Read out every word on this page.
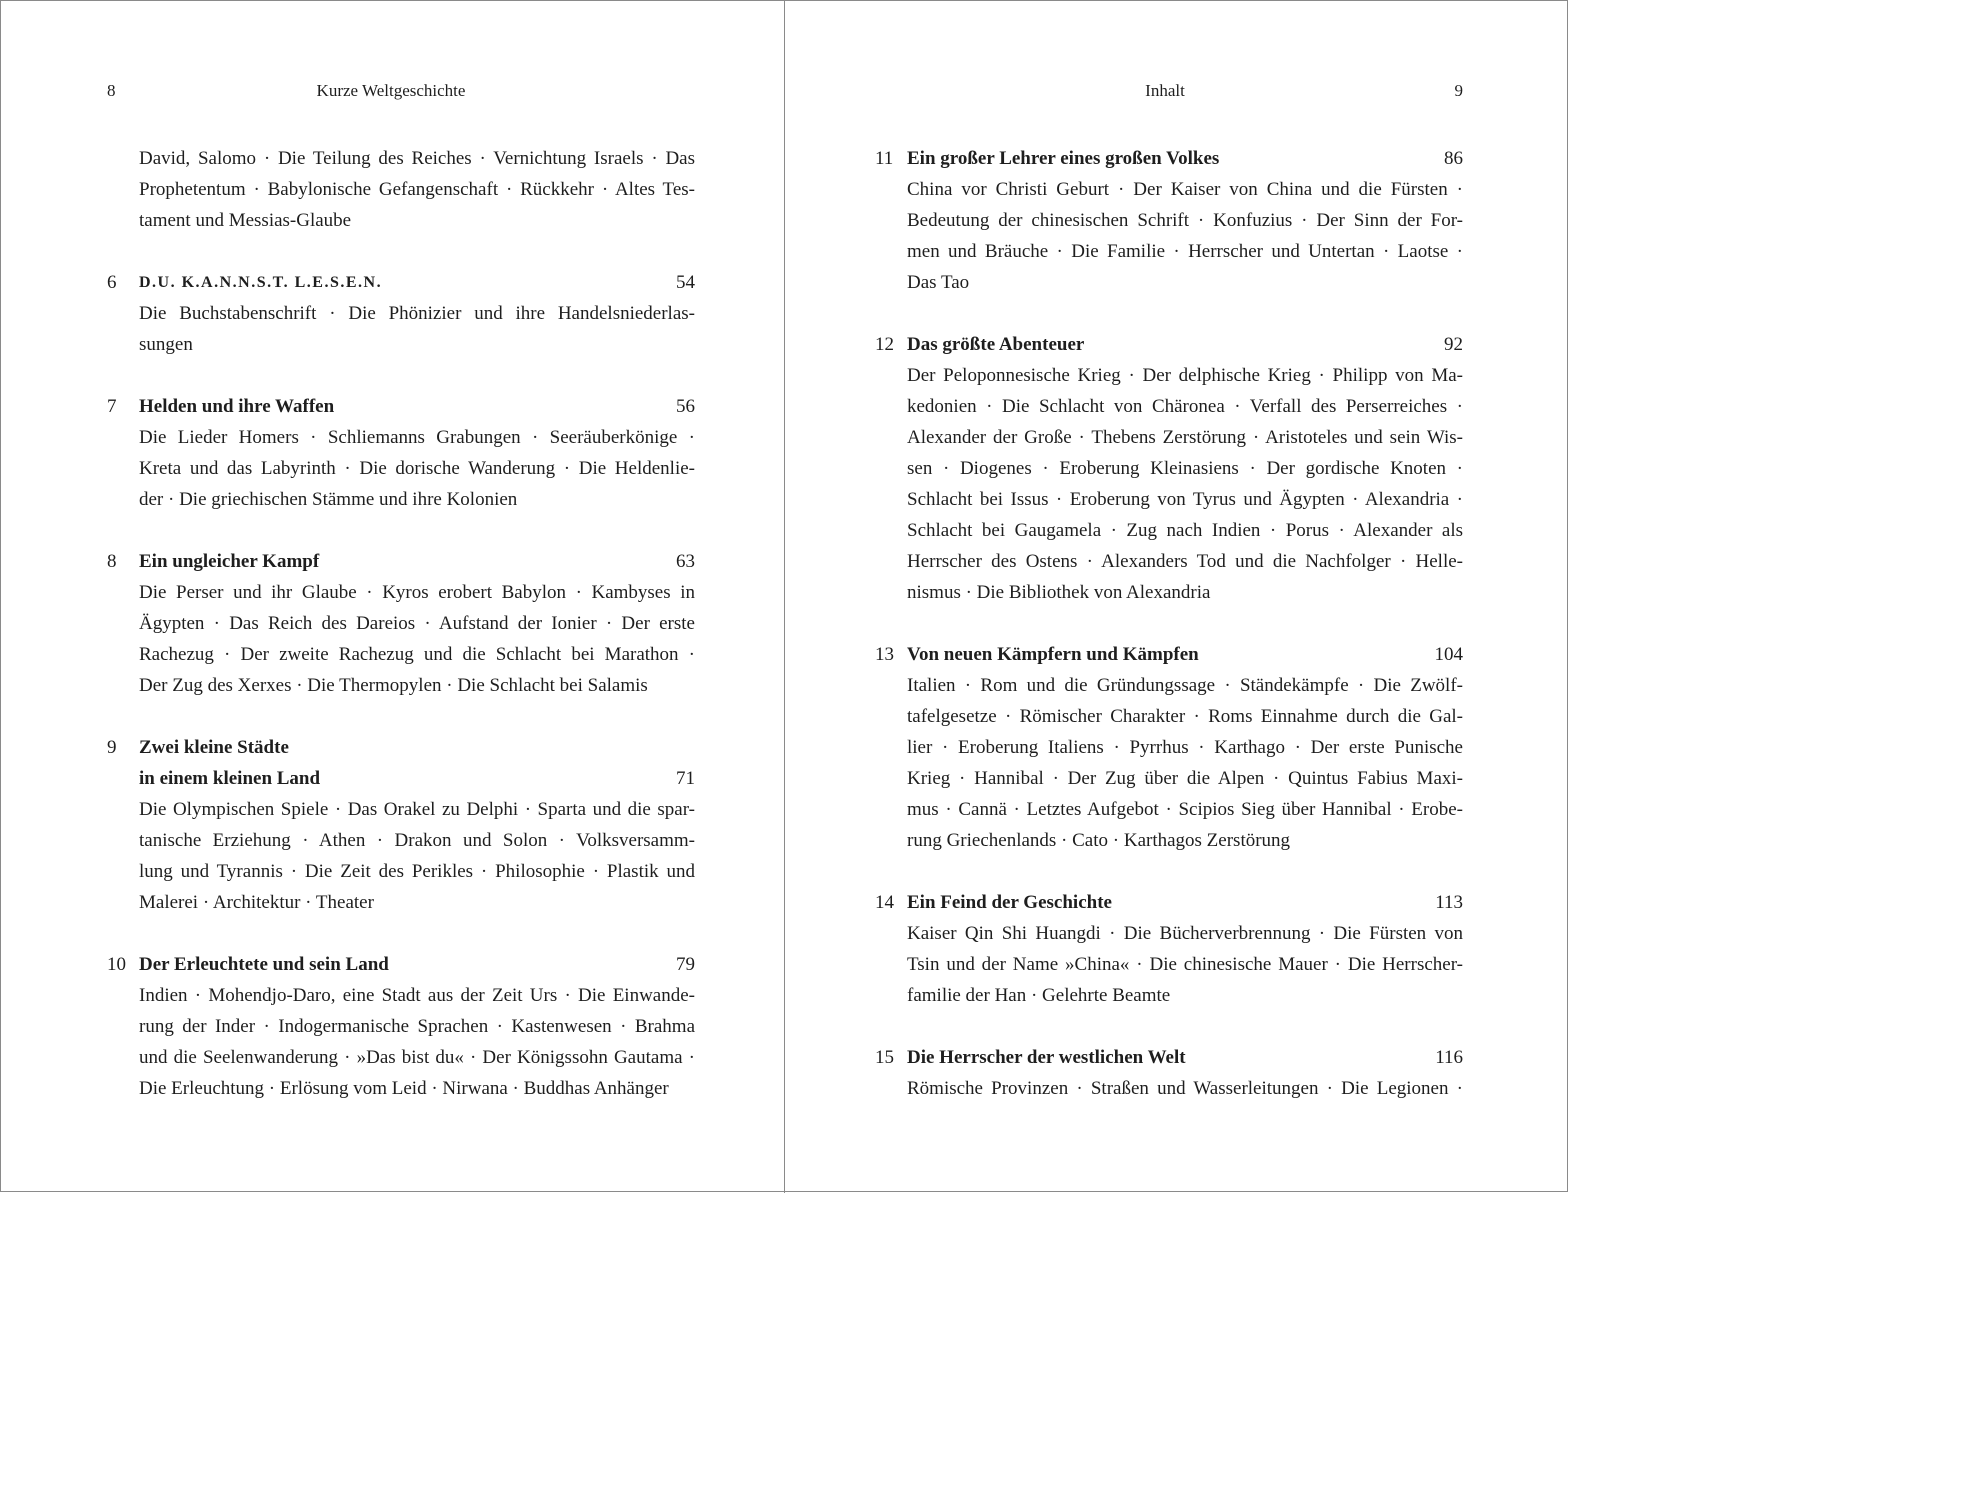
8	Kurze Weltgeschichte
David, Salomo · Die Teilung des Reiches · Vernichtung Israels · Das
Prophetentum · Babylonische Gefangenschaft · Rückkehr · Altes Tes-
tament und Messias-Glaube
6 D.U. K.A.N.N.S.T. L.E.S.E.N.	54
Die Buchstabenschrift · Die Phönizier und ihre Handelsniederlas-
sungen
7 Helden und ihre Waffen	56
Die Lieder Homers · Schliemanns Grabungen · Seeräuberkönige ·
Kreta und das Labyrinth · Die dorische Wanderung · Die Heldenlie-
der · Die griechischen Stämme und ihre Kolonien
8 Ein ungleicher Kampf	63
Die Perser und ihr Glaube · Kyros erobert Babylon · Kambyses in
Ägypten · Das Reich des Dareios · Aufstand der Ionier · Der erste
Rachezug · Der zweite Rachezug und die Schlacht bei Marathon ·
Der Zug des Xerxes · Die Thermopylen · Die Schlacht bei Salamis
9 Zwei kleine Städte
in einem kleinen Land	71
Die Olympischen Spiele · Das Orakel zu Delphi · Sparta und die spar-
tanische Erziehung · Athen · Drakon und Solon · Volksversamm-
lung und Tyrannis · Die Zeit des Perikles · Philosophie · Plastik und
Malerei · Architektur · Theater
10 Der Erleuchtete und sein Land	79
Indien · Mohendjo-Daro, eine Stadt aus der Zeit Urs · Die Einwande-
rung der Inder · Indogermanische Sprachen · Kastenwesen · Brahma
und die Seelenwanderung · »Das bist du« · Der Königssohn Gautama ·
Die Erleuchtung · Erlösung vom Leid · Nirwana · Buddhas Anhänger
Inhalt	9
11 Ein großer Lehrer eines großen Volkes	86
China vor Christi Geburt · Der Kaiser von China und die Fürsten ·
Bedeutung der chinesischen Schrift · Konfuzius · Der Sinn der For-
men und Bräuche · Die Familie · Herrscher und Untertan · Laotse ·
Das Tao
12 Das größte Abenteuer	92
Der Peloponnesische Krieg · Der delphische Krieg · Philipp von Ma-
kedonien · Die Schlacht von Chäronea · Verfall des Perserreiches ·
Alexander der Große · Thebens Zerstörung · Aristoteles und sein Wis-
sen · Diogenes · Eroberung Kleinasiens · Der gordische Knoten ·
Schlacht bei Issus · Eroberung von Tyrus und Ägypten · Alexandria ·
Schlacht bei Gaugamela · Zug nach Indien · Porus · Alexander als
Herrscher des Ostens · Alexanders Tod und die Nachfolger · Helle-
nismus · Die Bibliothek von Alexandria
13 Von neuen Kämpfern und Kämpfen	104
Italien · Rom und die Gründungssage · Ständekämpfe · Die Zwölf-
tafelgesetze · Römischer Charakter · Roms Einnahme durch die Gal-
lier · Eroberung Italiens · Pyrrhus · Karthago · Der erste Punische
Krieg · Hannibal · Der Zug über die Alpen · Quintus Fabius Maxi-
mus · Cannä · Letztes Aufgebot · Scipios Sieg über Hannibal · Erobe-
rung Griechenlands · Cato · Karthagos Zerstörung
14 Ein Feind der Geschichte	113
Kaiser Qin Shi Huangdi · Die Bücherverbrennung · Die Fürsten von
Tsin und der Name »China« · Die chinesische Mauer · Die Herrscher-
familie der Han · Gelehrte Beamte
15 Die Herrscher der westlichen Welt	116
Römische Provinzen · Straßen und Wasserleitungen · Die Legionen ·
